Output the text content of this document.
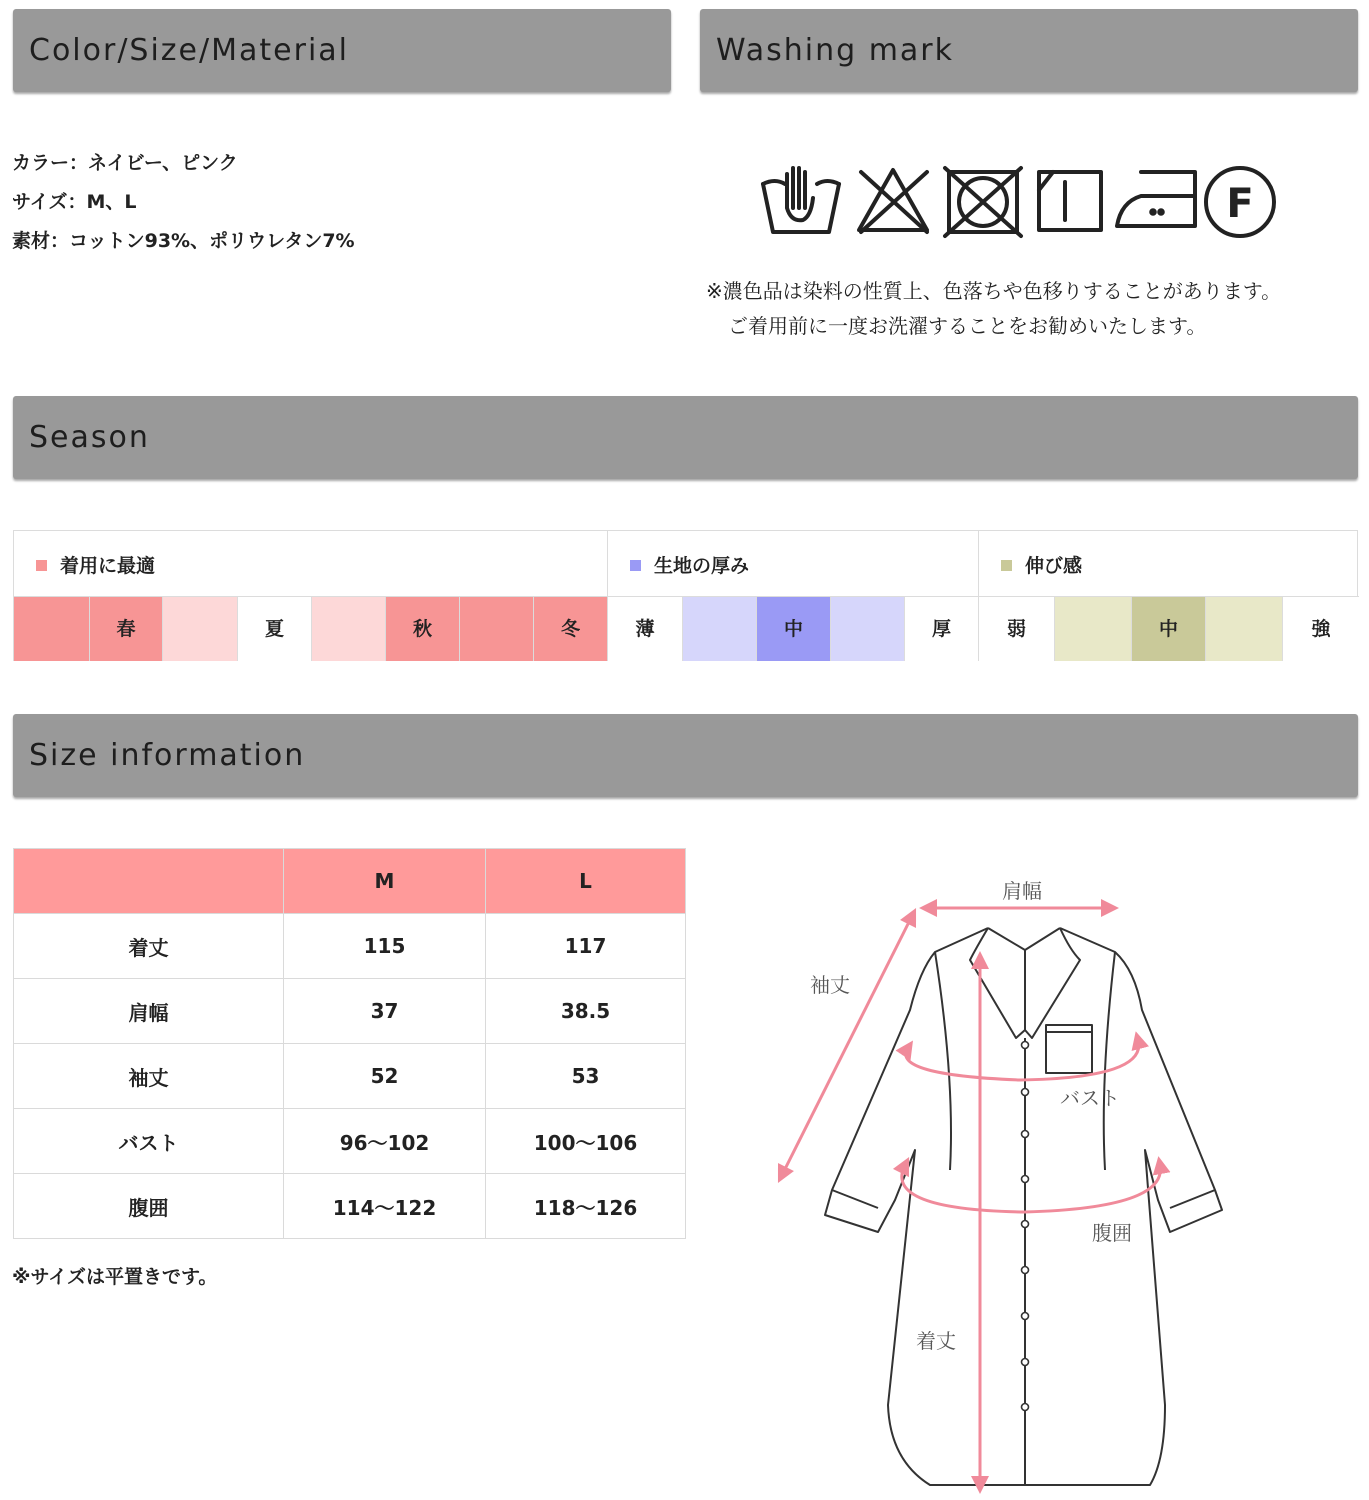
Color/Size/Material	Washing mark
カラー：ネイビー、ピンク
サイズ：M、L
素材：コットン93%、ポリウレタン7%
F
※濃色品は染料の性質上、色落ちや色移りすることがあります。
ご着用前に一度お洗濯することをお勧めいたします。
Season
着用に最適	生地の厚み	伸び感
春	夏	秋	冬	薄	中	厚	弱	中	強
Size information
	M	L
着丈	115	117
肩幅	37	38.5
袖丈	52	53
バスト	96～102	100～106
腹囲	114～122	118～126
※サイズは平置きです。
肩幅
袖丈
バスト
腹囲
着丈
